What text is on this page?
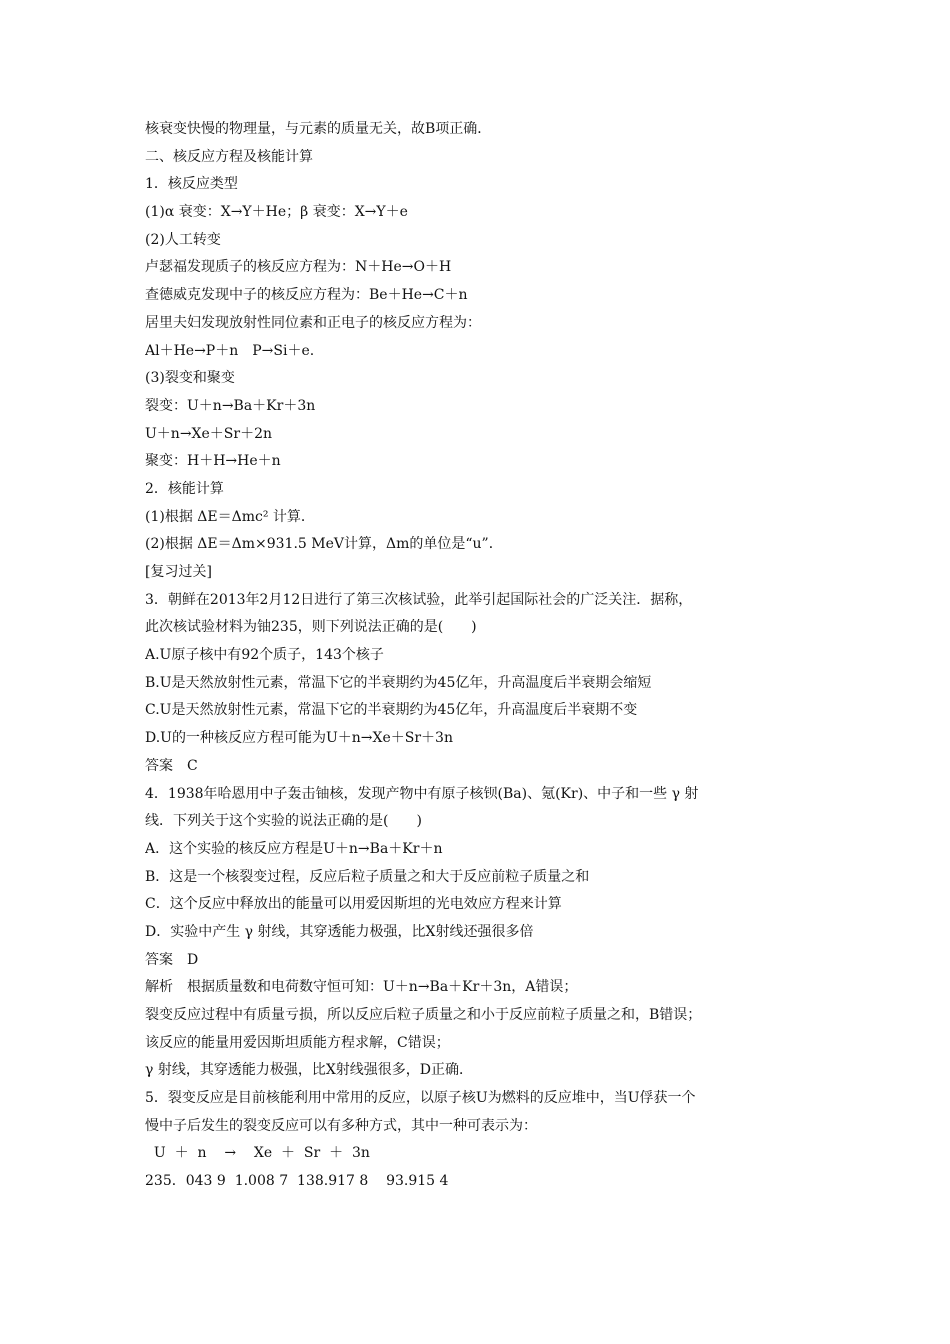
核衰变快慢的物理量，与元素的质量无关，故B项正确．
二、核反应方程及核能计算
1．核反应类型
(1)α 衰变：X→Y＋He；β 衰变：X→Y＋e
(2)人工转变
卢瑟福发现质子的核反应方程为：N＋He→O＋H
查德威克发现中子的核反应方程为：Be＋He→C＋n
居里夫妇发现放射性同位素和正电子的核反应方程为：
Al＋He→P＋n　P→Si＋e.
(3)裂变和聚变
裂变：U＋n→Ba＋Kr＋3n
U＋n→Xe＋Sr＋2n
聚变：H＋H→He＋n
2．核能计算
(1)根据 ΔE＝Δmc² 计算．
(2)根据 ΔE＝Δm×931.5 MeV计算，Δm的单位是“u”．
[复习过关]
3．朝鲜在2013年2月12日进行了第三次核试验，此举引起国际社会的广泛关注．据称，
此次核试验材料为铀235，则下列说法正确的是(　　)
A.U原子核中有92个质子，143个核子
B.U是天然放射性元素，常温下它的半衰期约为45亿年，升高温度后半衰期会缩短
C.U是天然放射性元素，常温下它的半衰期约为45亿年，升高温度后半衰期不变
D.U的一种核反应方程可能为U＋n→Xe＋Sr＋3n
答案　C
4．1938年哈恩用中子轰击铀核，发现产物中有原子核钡(Ba)、氪(Kr)、中子和一些 γ 射
线．下列关于这个实验的说法正确的是(　　)
A．这个实验的核反应方程是U＋n→Ba＋Kr＋n
B．这是一个核裂变过程，反应后粒子质量之和大于反应前粒子质量之和
C．这个反应中释放出的能量可以用爱因斯坦的光电效应方程来计算
D．实验中产生 γ 射线，其穿透能力极强，比X射线还强很多倍
答案　D
解析　根据质量数和电荷数守恒可知：U＋n→Ba＋Kr＋3n，A错误；
裂变反应过程中有质量亏损，所以反应后粒子质量之和小于反应前粒子质量之和，B错误；
该反应的能量用爱因斯坦质能方程求解，C错误；
γ 射线，其穿透能力极强，比X射线强很多，D正确．
5．裂变反应是目前核能利用中常用的反应，以原子核U为燃料的反应堆中，当U俘获一个
慢中子后发生的裂变反应可以有多种方式，其中一种可表示为：
U  ＋  n    →    Xe  ＋  Sr  ＋  3n
235．043 9  1.008 7  138.917 8    93.915 4
